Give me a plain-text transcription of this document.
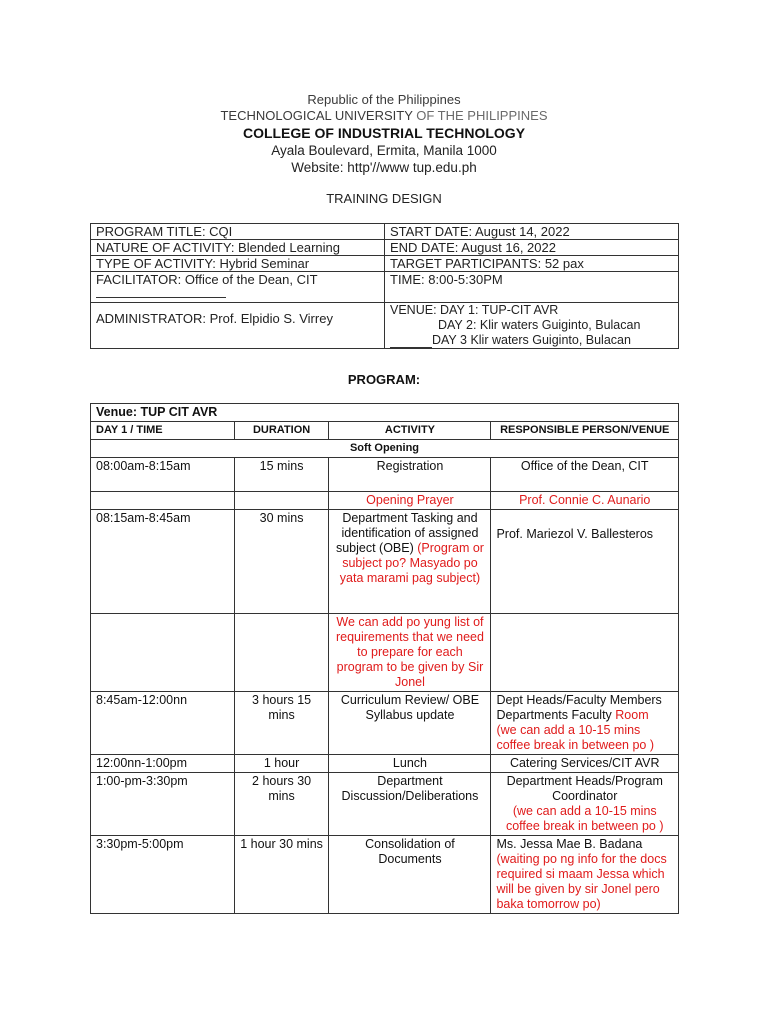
Republic of the Philippines
TECHNOLOGICAL UNIVERSITY OF THE PHILIPPINES
COLLEGE OF INDUSTRIAL TECHNOLOGY
Ayala Boulevard, Ermita, Manila 1000
Website: http'//www tup.edu.ph
TRAINING DESIGN
PROGRAM TITLE: CQI	START DATE: August 14, 2022
NATURE OF ACTIVITY: Blended Learning	END DATE: August 16, 2022
TYPE OF ACTIVITY: Hybrid Seminar	TARGET PARTICIPANTS: 52 pax
FACILITATOR: Office of the Dean, CIT	TIME: 8:00-5:30PM
ADMINISTRATOR: Prof. Elpidio S. Virrey	VENUE: DAY 1: TUP-CIT AVR
DAY 2: Klir waters Guiginto, Bulacan
DAY 3 Klir waters Guiginto, Bulacan
PROGRAM:
Venue: TUP CIT AVR			
DAY 1 / TIME	DURATION	ACTIVITY	RESPONSIBLE PERSON/VENUE
Soft Opening			
08:00am-8:15am	15 mins	Registration	Office of the Dean, CIT
		Opening Prayer	Prof. Connie C. Aunario
08:15am-8:45am	30 mins	Department Tasking and identification of assigned subject (OBE) (Program or subject po? Masyado po yata marami pag subject)	Prof. Mariezol V. Ballesteros
		We can add po yung list of requirements that we need to prepare for each program to be given by Sir Jonel	
8:45am-12:00nn	3 hours 15 mins	Curriculum Review/ OBE Syllabus update	Dept Heads/Faculty Members Departments Faculty Room
(we can add a 10-15 mins coffee break in between po )

12:00nn-1:00pm	1 hour	Lunch	Catering Services/CIT AVR
1:00-pm-3:30pm	2 hours 30 mins	Department Discussion/Deliberations	Department Heads/Program Coordinator
(we can add a 10-15 mins coffee break in between po )

3:30pm-5:00pm	1 hour 30 mins	Consolidation of Documents	Ms. Jessa Mae B. Badana
(waiting po ng info for the docs required si maam Jessa which will be given by sir Jonel pero baka tomorrow po)
